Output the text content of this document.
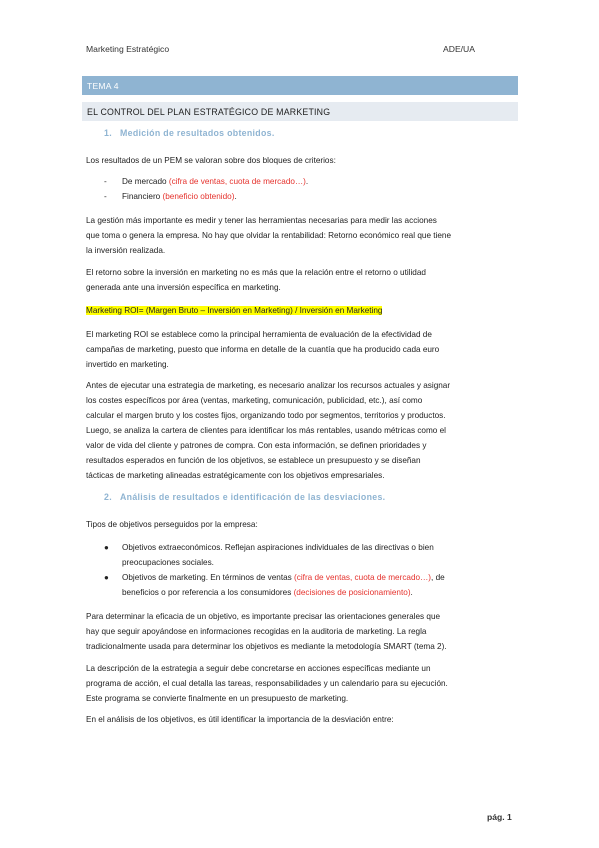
Marketing Estratégico	ADE/UA
TEMA 4
EL CONTROL DEL PLAN ESTRATÉGICO DE MARKETING
1. Medición de resultados obtenidos.
Los resultados de un PEM se valoran sobre dos bloques de criterios:
- De mercado (cifra de ventas, cuota de mercado…).
- Financiero (beneficio obtenido).
La gestión más importante es medir y tener las herramientas necesarias para medir las acciones
que toma o genera la empresa. No hay que olvidar la rentabilidad: Retorno económico real que tiene
la inversión realizada.
El retorno sobre la inversión en marketing no es más que la relación entre el retorno o utilidad
generada ante una inversión específica en marketing.
Marketing ROI= (Margen Bruto – Inversión en Marketing) / Inversión en Marketing
El marketing ROI se establece como la principal herramienta de evaluación de la efectividad de
campañas de marketing, puesto que informa en detalle de la cuantía que ha producido cada euro
invertido en marketing.
Antes de ejecutar una estrategia de marketing, es necesario analizar los recursos actuales y asignar
los costes específicos por área (ventas, marketing, comunicación, publicidad, etc.), así como
calcular el margen bruto y los costes fijos, organizando todo por segmentos, territorios y productos.
Luego, se analiza la cartera de clientes para identificar los más rentables, usando métricas como el
valor de vida del cliente y patrones de compra. Con esta información, se definen prioridades y
resultados esperados en función de los objetivos, se establece un presupuesto y se diseñan
tácticas de marketing alineadas estratégicamente con los objetivos empresariales.
2. Análisis de resultados e identificación de las desviaciones.
Tipos de objetivos perseguidos por la empresa:
● Objetivos extraeconómicos. Reflejan aspiraciones individuales de las directivas o bien
preocupaciones sociales.
● Objetivos de marketing. En términos de ventas (cifra de ventas, cuota de mercado…), de
beneficios o por referencia a los consumidores (decisiones de posicionamiento).
Para determinar la eficacia de un objetivo, es importante precisar las orientaciones generales que
hay que seguir apoyándose en informaciones recogidas en la auditoria de marketing. La regla
tradicionalmente usada para determinar los objetivos es mediante la metodología SMART (tema 2).
La descripción de la estrategia a seguir debe concretarse en acciones específicas mediante un
programa de acción, el cual detalla las tareas, responsabilidades y un calendario para su ejecución.
Este programa se convierte finalmente en un presupuesto de marketing.
En el análisis de los objetivos, es útil identificar la importancia de la desviación entre:
pág. 1
